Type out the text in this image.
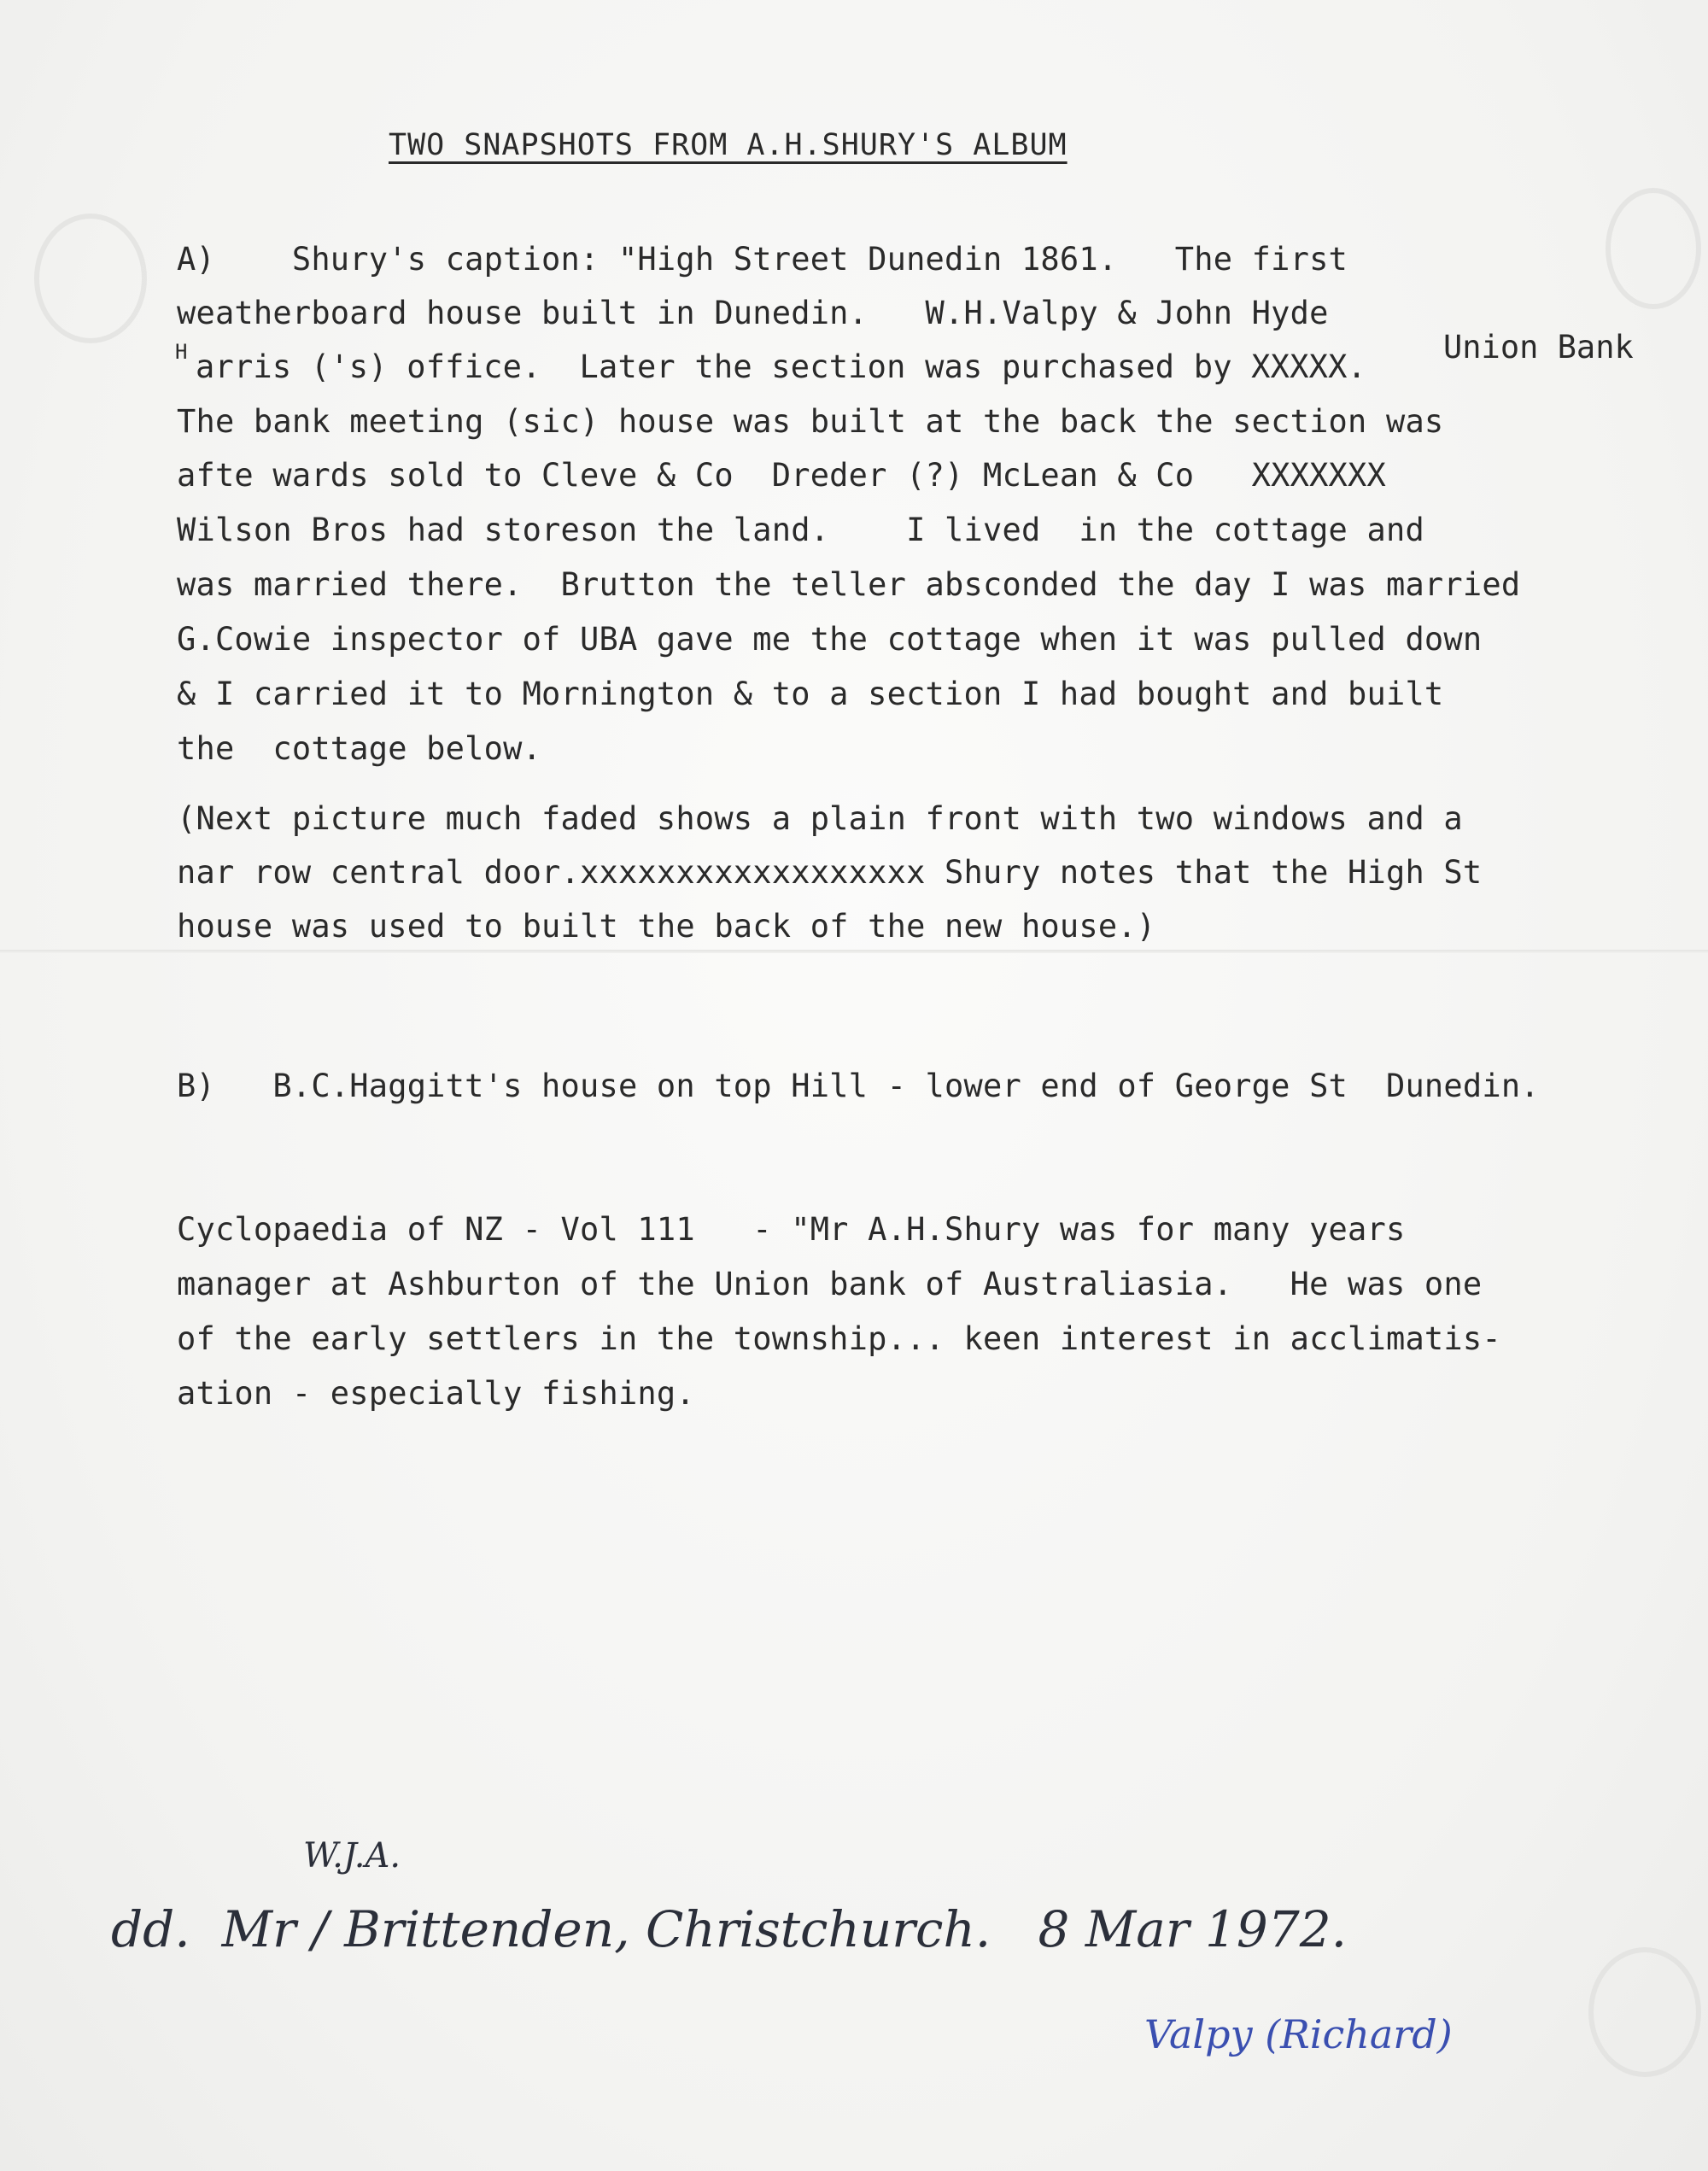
TWO SNAPSHOTS FROM A.H.SHURY'S ALBUM
A)    Shury's caption: "High Street Dunedin 1861.   The first
weatherboard house built in Dunedin.   W.H.Valpy & John Hyde
H	Union Bank
arris ('s) office.  Later the section was purchased by XXXXX.
The bank meeting (sic) house was built at the back the section was
afte wards sold to Cleve & Co  Dreder (?) McLean & Co   XXXXXXX
Wilson Bros had storeson the land.    I lived  in the cottage and
was married there.  Brutton the teller absconded the day I was married
G.Cowie inspector of UBA gave me the cottage when it was pulled down
& I carried it to Mornington & to a section I had bought and built
the  cottage below.
(Next picture much faded shows a plain front with two windows and a
nar row central door.xxxxxxxxxxxxxxxxxx Shury notes that the High St
house was used to built the back of the new house.)
B)   B.C.Haggitt's house on top Hill - lower end of George St  Dunedin.
Cyclopaedia of NZ - Vol 111   - "Mr A.H.Shury was for many years
manager at Ashburton of the Union bank of Australiasia.   He was one
of the early settlers in the township... keen interest in acclimatis-
ation - especially fishing.
W.J.A.
dd.  Mr / Brittenden, Christchurch.   8 Mar 1972.
Valpy (Richard)
